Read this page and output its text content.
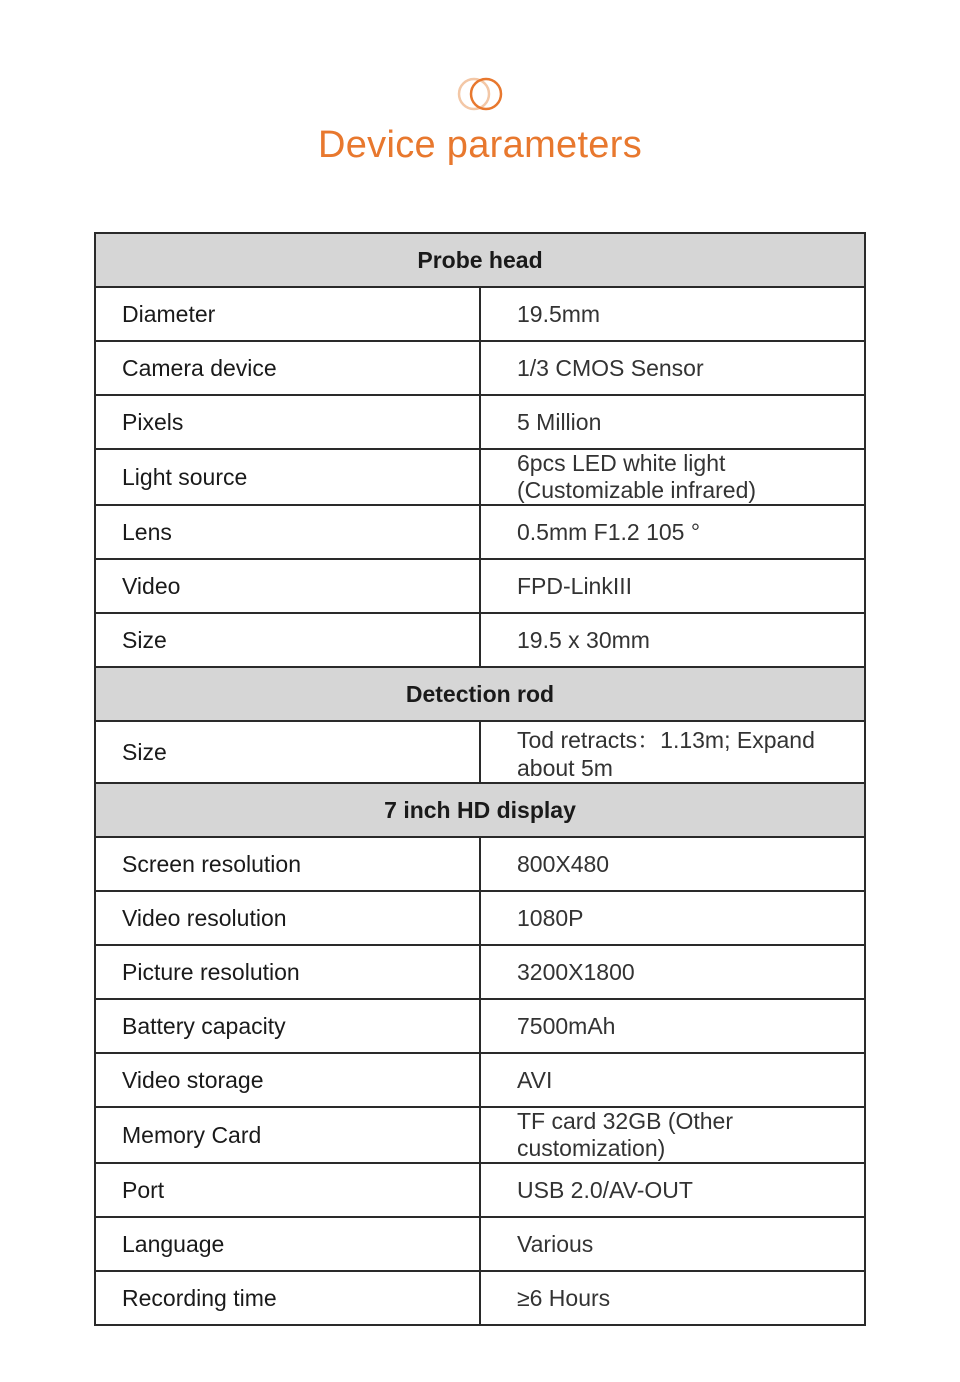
Device parameters
Probe head	
Diameter	19.5mm
Camera device	1/3 CMOS Sensor
Pixels	5 Million
Light source	6pcs LED white light (Customizable infrared)
Lens	0.5mm F1.2 105 °
Video	FPD-LinkIII
Size	19.5 x 30mm
Detection rod	
Size	Tod retracts：1.13m; Expand about 5m
7 inch HD display	
Screen resolution	800X480
Video resolution	1080P
Picture resolution	3200X1800
Battery capacity	7500mAh
Video storage	AVI
Memory Card	TF card 32GB (Other customization)
Port	USB 2.0/AV-OUT
Language	Various
Recording time	≥6 Hours
